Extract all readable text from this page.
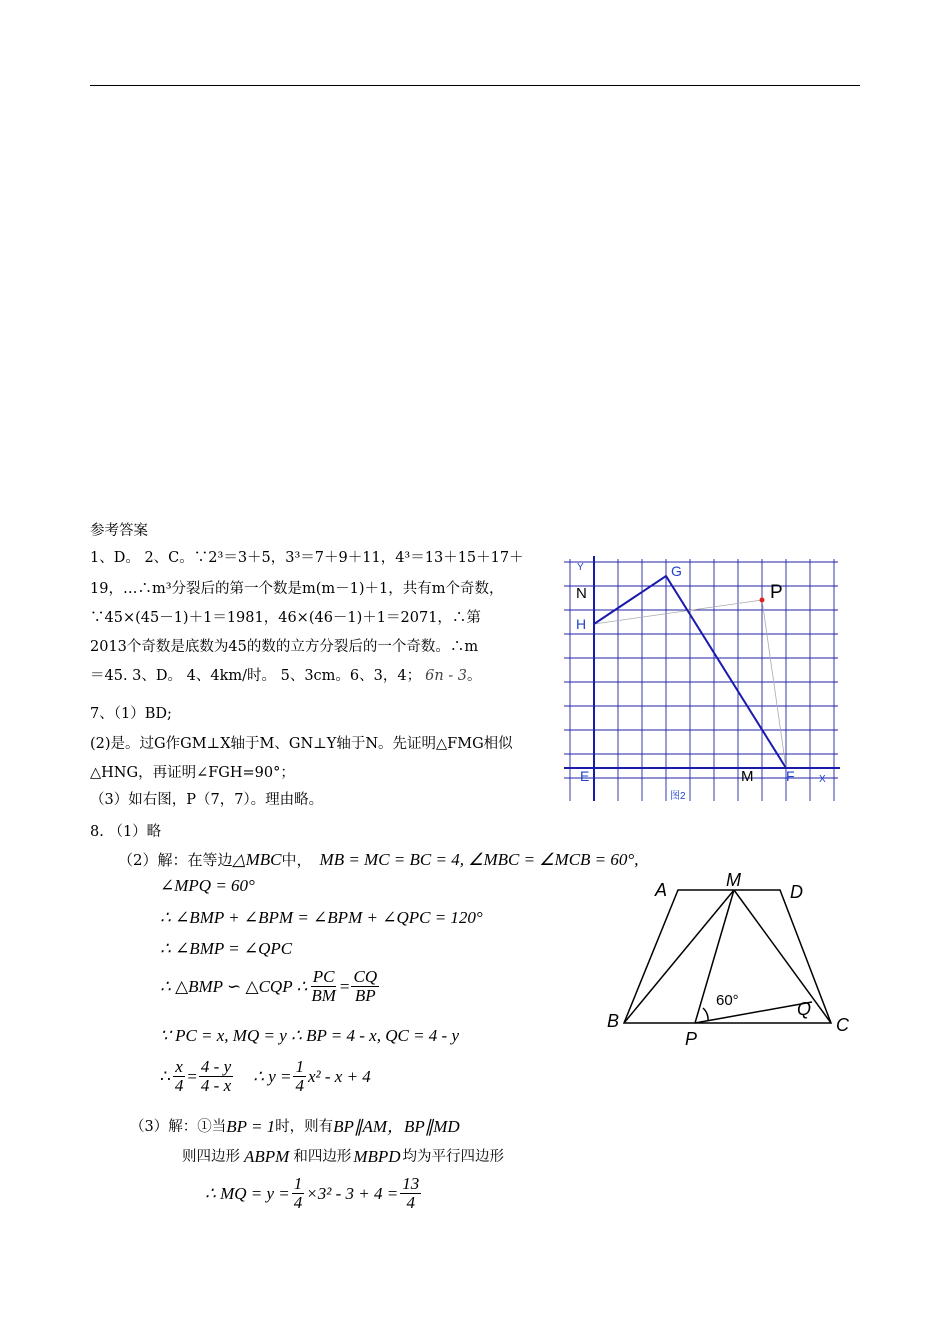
参考答案
1、D。 2、C。∵2³＝3＋5，3³＝7＋9＋11，4³＝13＋15＋17＋
19，…∴m³分裂后的第一个数是m(m－1)＋1，共有m个奇数，
∵45×(45－1)＋1＝1981，46×(46－1)＋1＝2071，∴第
2013个奇数是底数为45的数的立方分裂后的一个奇数。∴m
＝45. 3、D。 4、4km/时。 5、3cm。6、3，4； 6n - 3。
7、（1）BD;
(2)是。过G作GM⊥X轴于M、GN⊥Y轴于N。先证明△FMG相似
△HNG，再证明∠FGH=90°；
（3）如右图，P（7，7）。理由略。
8. （1）略
（2）解：在等边△MBC中， MB = MC = BC = 4, ∠MBC = ∠MCB = 60°,
∠MPQ = 60°
∴ ∠BMP + ∠BPM = ∠BPM + ∠QPC = 120°
∴ ∠BMP = ∠QPC
∴ △BMP ∽ △CQP ∴ $\frac{PC}{BM} = \frac{CQ}{BP}$
∵ PC = x, MQ = y ∴ BP = 4 - x, QC = 4 - y
∴ $\frac{x}{4} = \frac{4 - y}{4 - x}$ ∴ $y = \frac{1}{4} x^2 - x + 4$
（3）解：①当 BP = 1 时，则有 BP∥AM，BP∥MD
则四边形 ABPM 和四边形 MBPD 均为平行四边形
∴ MQ = $y = \frac{1}{4} \times 3^2 - 3 + 4 = \frac{13}{4}$
Y
N
G
P
H
E	M F X
图2
A	M
D
B	C
P
Q
60°
